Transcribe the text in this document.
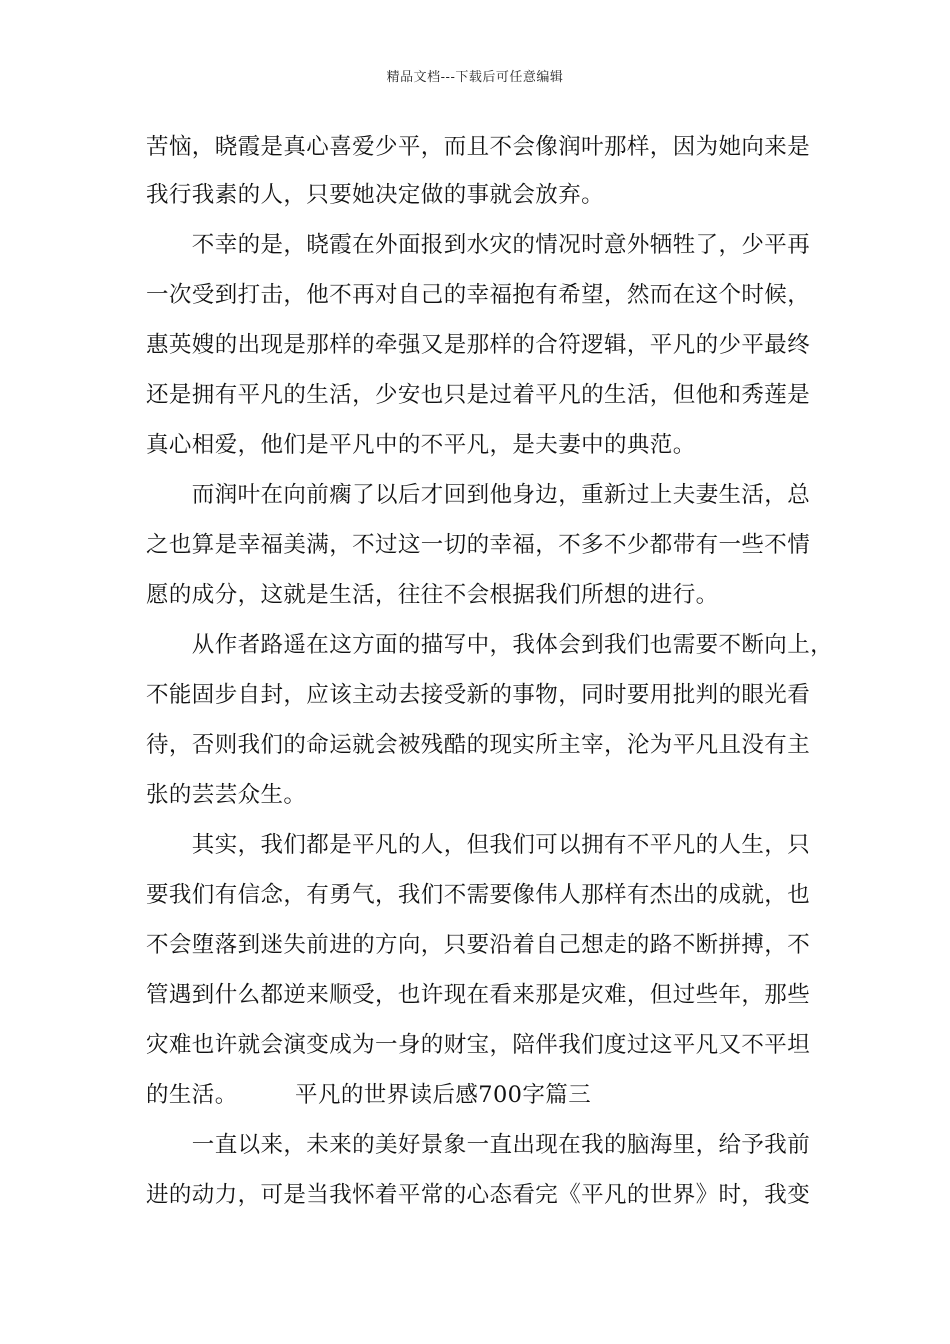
精品文档---下载后可任意编辑
苦恼，晓霞是真心喜爱少平，而且不会像润叶那样，因为她向来是
我行我素的人，只要她决定做的事就会放弃。
　　不幸的是，晓霞在外面报到水灾的情况时意外牺牲了，少平再
一次受到打击，他不再对自己的幸福抱有希望，然而在这个时候，
惠英嫂的出现是那样的牵强又是那样的合符逻辑，平凡的少平最终
还是拥有平凡的生活，少安也只是过着平凡的生活，但他和秀莲是
真心相爱，他们是平凡中的不平凡，是夫妻中的典范。
　　而润叶在向前瘸了以后才回到他身边，重新过上夫妻生活，总
之也算是幸福美满，不过这一切的幸福，不多不少都带有一些不情
愿的成分，这就是生活，往往不会根据我们所想的进行。
　　从作者路遥在这方面的描写中，我体会到我们也需要不断向上，
不能固步自封，应该主动去接受新的事物，同时要用批判的眼光看
待，否则我们的命运就会被残酷的现实所主宰，沦为平凡且没有主
张的芸芸众生。
　　其实，我们都是平凡的人，但我们可以拥有不平凡的人生，只
要我们有信念，有勇气，我们不需要像伟人那样有杰出的成就，也
不会堕落到迷失前进的方向，只要沿着自己想走的路不断拼搏，不
管遇到什么都逆来顺受，也许现在看来那是灾难，但过些年，那些
灾难也许就会演变成为一身的财宝，陪伴我们度过这平凡又不平坦
的生活。　　　平凡的世界读后感700字篇三
　　一直以来，未来的美好景象一直出现在我的脑海里，给予我前
进的动力，可是当我怀着平常的心态看完《平凡的世界》时，我变
